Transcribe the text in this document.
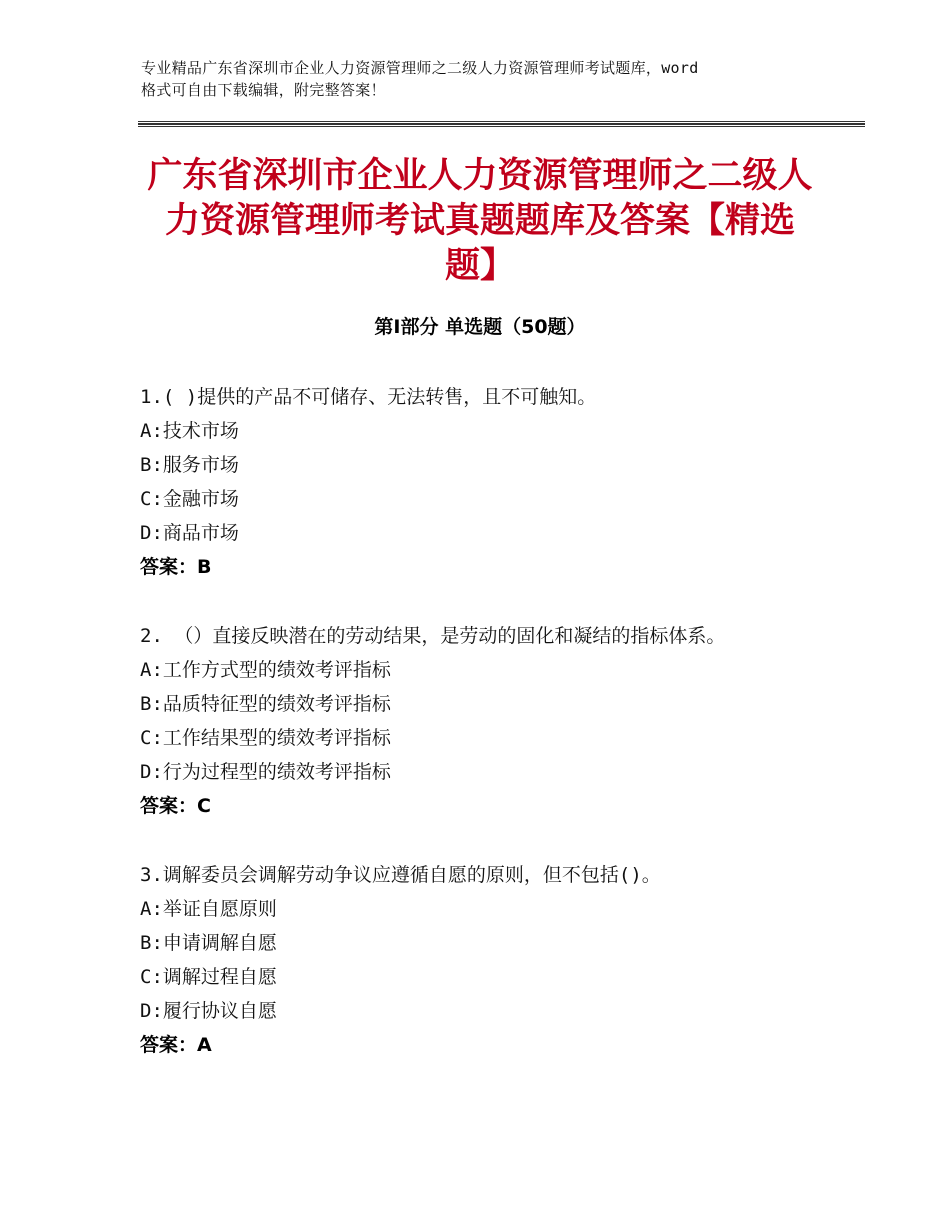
专业精品广东省深圳市企业人力资源管理师之二级人力资源管理师考试题库，word
格式可自由下载编辑，附完整答案！
广东省深圳市企业人力资源管理师之二级人
力资源管理师考试真题题库及答案【精选
题】
第Ⅰ部分 单选题（50题）
1.( )提供的产品不可储存、无法转售，且不可触知。
A:技术市场
B:服务市场
C:金融市场
D:商品市场
答案：B
2. （）直接反映潜在的劳动结果，是劳动的固化和凝结的指标体系。
A:工作方式型的绩效考评指标
B:品质特征型的绩效考评指标
C:工作结果型的绩效考评指标
D:行为过程型的绩效考评指标
答案：C
3.调解委员会调解劳动争议应遵循自愿的原则，但不包括()。
A:举证自愿原则
B:申请调解自愿
C:调解过程自愿
D:履行协议自愿
答案：A
